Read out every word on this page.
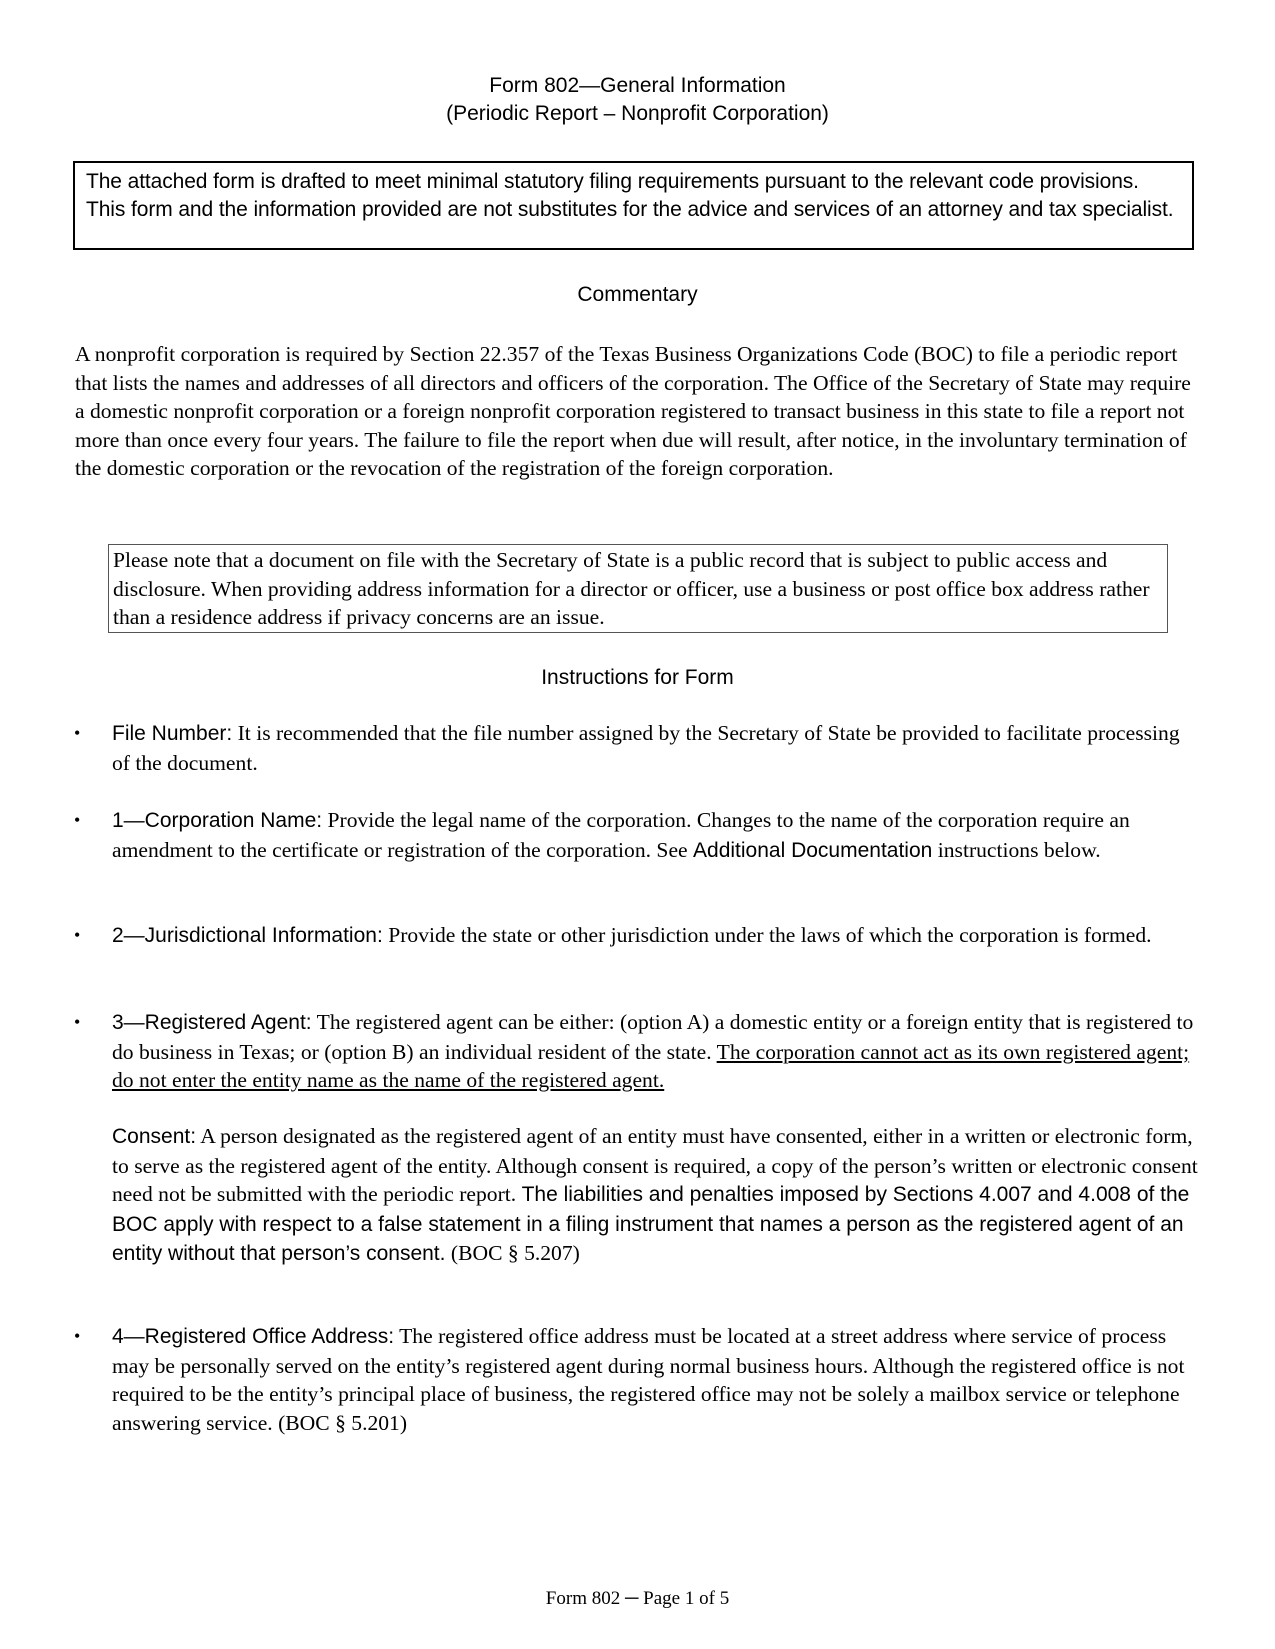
Form 802—General Information
(Periodic Report – Nonprofit Corporation)
The attached form is drafted to meet minimal statutory filing requirements pursuant to the relevant code provisions. This form and the information provided are not substitutes for the advice and services of an attorney and tax specialist.
Commentary
A nonprofit corporation is required by Section 22.357 of the Texas Business Organizations Code (BOC) to file a periodic report that lists the names and addresses of all directors and officers of the corporation. The Office of the Secretary of State may require a domestic nonprofit corporation or a foreign nonprofit corporation registered to transact business in this state to file a report not more than once every four years. The failure to file the report when due will result, after notice, in the involuntary termination of the domestic corporation or the revocation of the registration of the foreign corporation.
Please note that a document on file with the Secretary of State is a public record that is subject to public access and disclosure. When providing address information for a director or officer, use a business or post office box address rather than a residence address if privacy concerns are an issue.
Instructions for Form
• File Number: It is recommended that the file number assigned by the Secretary of State be provided to facilitate processing of the document.
• 1—Corporation Name: Provide the legal name of the corporation. Changes to the name of the corporation require an amendment to the certificate or registration of the corporation. See Additional Documentation instructions below.
• 2—Jurisdictional Information: Provide the state or other jurisdiction under the laws of which the corporation is formed.
• 3—Registered Agent: The registered agent can be either: (option A) a domestic entity or a foreign entity that is registered to do business in Texas; or (option B) an individual resident of the state. The corporation cannot act as its own registered agent; do not enter the entity name as the name of the registered agent.
Consent: A person designated as the registered agent of an entity must have consented, either in a written or electronic form, to serve as the registered agent of the entity. Although consent is required, a copy of the person’s written or electronic consent need not be submitted with the periodic report. The liabilities and penalties imposed by Sections 4.007 and 4.008 of the BOC apply with respect to a false statement in a filing instrument that names a person as the registered agent of an entity without that person’s consent. (BOC § 5.207)
• 4—Registered Office Address: The registered office address must be located at a street address where service of process may be personally served on the entity’s registered agent during normal business hours. Although the registered office is not required to be the entity’s principal place of business, the registered office may not be solely a mailbox service or telephone answering service. (BOC § 5.201)
Form 802 ─ Page 1 of 5
